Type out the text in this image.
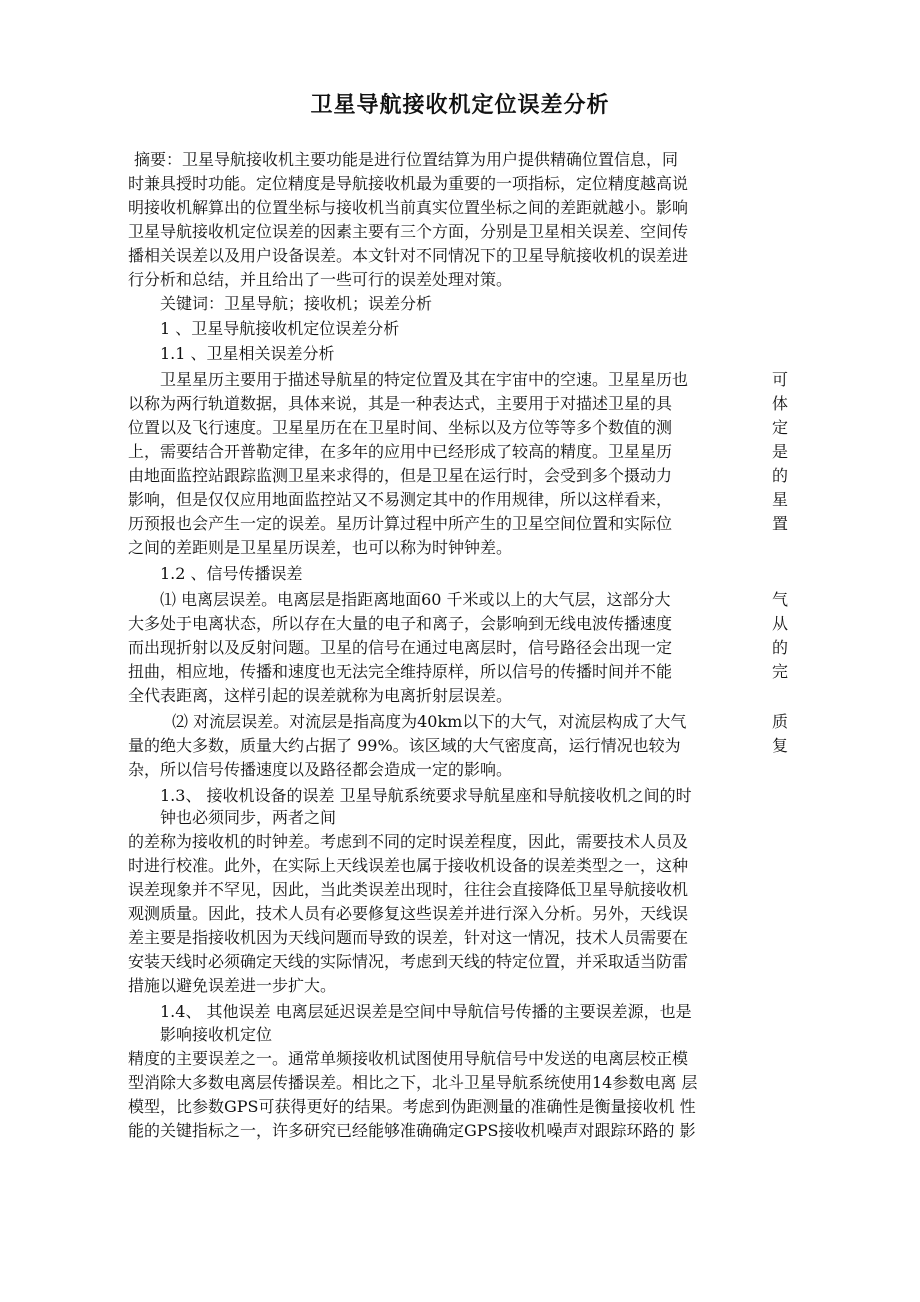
卫星导航接收机定位误差分析
摘要：卫星导航接收机主要功能是进行位置结算为用户提供精确位置信息，同
时兼具授时功能。定位精度是导航接收机最为重要的一项指标，定位精度越高说
明接收机解算出的位置坐标与接收机当前真实位置坐标之间的差距就越小。影响
卫星导航接收机定位误差的因素主要有三个方面，分别是卫星相关误差、空间传
播相关误差以及用户设备误差。本文针对不同情况下的卫星导航接收机的误差进
行分析和总结，并且给出了一些可行的误差处理对策。
关键词：卫星导航；接收机；误差分析
1 、卫星导航接收机定位误差分析
1.1 、卫星相关误差分析
卫星星历主要用于描述导航星的特定位置及其在宇宙中的空速。卫星星历也
以称为两行轨道数据，具体来说，其是一种表达式，主要用于对描述卫星的具
位置以及飞行速度。卫星星历在在卫星时间、坐标以及方位等等多个数值的测
上，需要结合开普勒定律，在多年的应用中已经形成了较高的精度。卫星星历
由地面监控站跟踪监测卫星来求得的，但是卫星在运行时，会受到多个摄动力
影响，但是仅仅应用地面监控站又不易测定其中的作用规律，所以这样看来，
历预报也会产生一定的误差。星历计算过程中所产生的卫星空间位置和实际位
之间的差距则是卫星星历误差，也可以称为时钟钟差。
可
体
定
是
的
星
置
1.2 、信号传播误差
⑴ 电离层误差。电离层是指距离地面60 千米或以上的大气层，这部分大
大多处于电离状态，所以存在大量的电子和离子，会影响到无线电波传播速度
而出现折射以及反射问题。卫星的信号在通过电离层时，信号路径会出现一定
扭曲，相应地，传播和速度也无法完全维持原样，所以信号的传播时间并不能
全代表距离，这样引起的误差就称为电离折射层误差。
气
从
的
完
⑵ 对流层误差。对流层是指高度为40km以下的大气，对流层构成了大气
量的绝大多数，质量大约占据了 99%。该区域的大气密度高，运行情况也较为
杂，所以信号传播速度以及路径都会造成一定的影响。
质
复
1.3、 接收机设备的误差 卫星导航系统要求导航星座和导航接收机之间的时
钟也必须同步，两者之间
的差称为接收机的时钟差。考虑到不同的定时误差程度，因此，需要技术人员及
时进行校准。此外，在实际上天线误差也属于接收机设备的误差类型之一，这种
误差现象并不罕见，因此，当此类误差出现时，往往会直接降低卫星导航接收机
观测质量。因此，技术人员有必要修复这些误差并进行深入分析。另外，天线误
差主要是指接收机因为天线问题而导致的误差，针对这一情况，技术人员需要在
安装天线时必须确定天线的实际情况，考虑到天线的特定位置，并采取适当防雷
措施以避免误差进一步扩大。
1.4、 其他误差 电离层延迟误差是空间中导航信号传播的主要误差源，也是
影响接收机定位
精度的主要误差之一。通常单频接收机试图使用导航信号中发送的电离层校正模
型消除大多数电离层传播误差。相比之下，北斗卫星导航系统使用14参数电离 层
模型，比参数GPS可获得更好的结果。考虑到伪距测量的准确性是衡量接收机 性
能的关键指标之一，许多研究已经能够准确确定GPS接收机噪声对跟踪环路的 影
